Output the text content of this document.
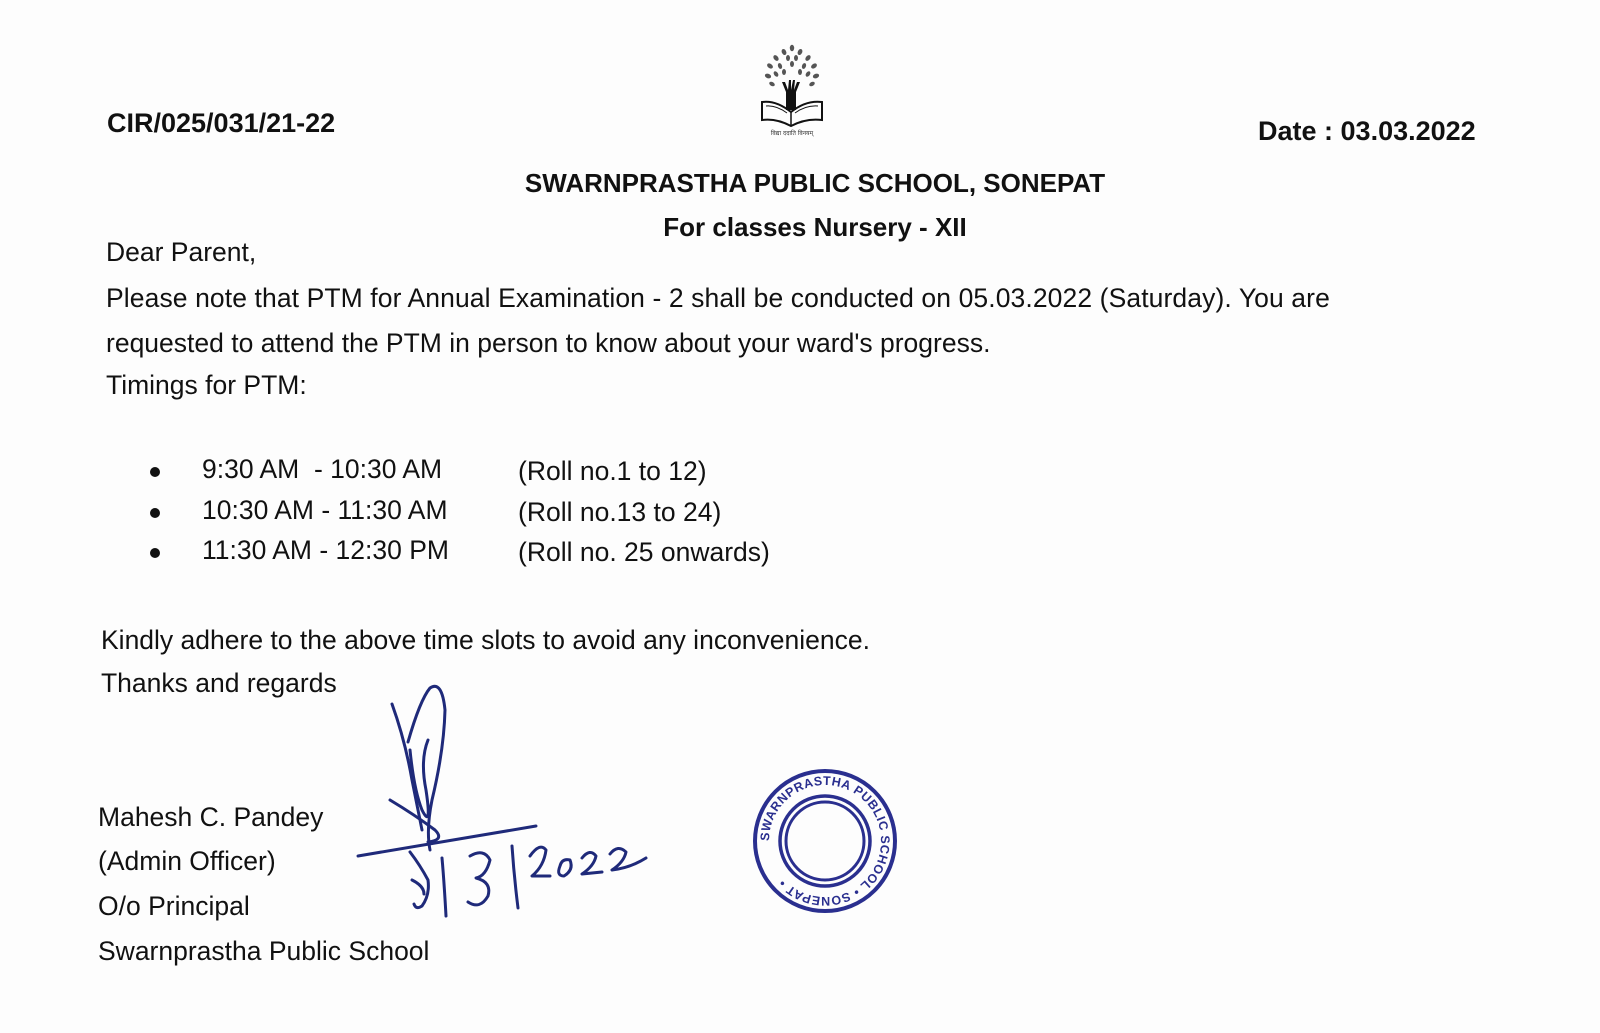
CIR/025/031/21-22	विद्या ददाति विनयम्	Date : 03.03.2022
SWARNPRASTHA PUBLIC SCHOOL, SONEPAT
For classes Nursery - XII
Dear Parent,
Please note that PTM for Annual Examination - 2 shall be conducted on 05.03.2022 (Saturday). You are
requested to attend the PTM in person to know about your ward's progress.
Timings for PTM:
9:30 AM  - 10:30 AM	(Roll no.1 to 12)
10:30 AM - 11:30 AM	(Roll no.13 to 24)
11:30 AM - 12:30 PM	(Roll no. 25 onwards)
Kindly adhere to the above time slots to avoid any inconvenience.
Thanks and regards
Mahesh C. Pandey
(Admin Officer)
O/o Principal
Swarnprastha Public School
SWARNPRASTHA PUBLIC SCHOOL • SONEPAT •
